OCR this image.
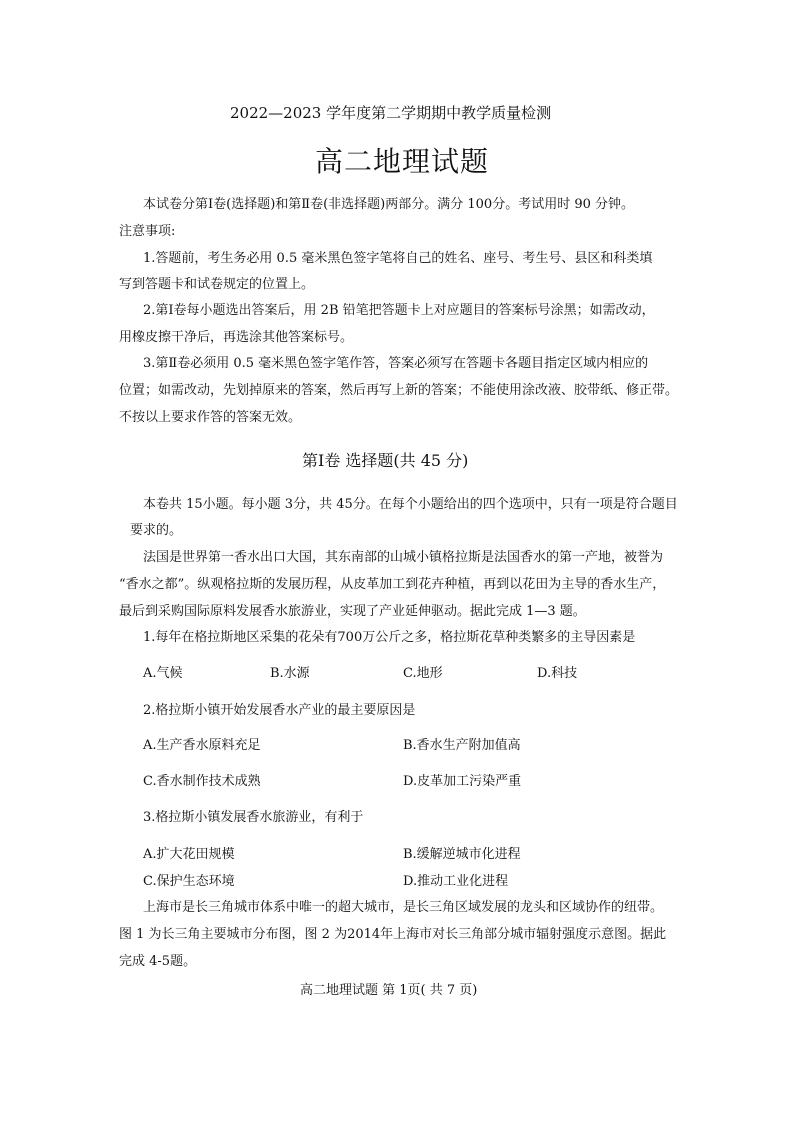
2022—2023 学年度第二学期期中教学质量检测
高二地理试题
本试卷分第Ⅰ卷(选择题)和第Ⅱ卷(非选择题)两部分。满分 100分。考试用时 90 分钟。
注意事项:
1.答题前，考生务必用 0.5 毫米黑色签字笔将自己的姓名、座号、考生号、县区和科类填
写到答题卡和试卷规定的位置上。
2.第Ⅰ卷每小题选出答案后，用 2B 铅笔把答题卡上对应题目的答案标号涂黑；如需改动，
用橡皮擦干净后，再选涂其他答案标号。
3.第Ⅱ卷必须用 0.5 毫米黑色签字笔作答，答案必须写在答题卡各题目指定区域内相应的
位置；如需改动，先划掉原来的答案，然后再写上新的答案；不能使用涂改液、胶带纸、修正带。
不按以上要求作答的答案无效。
第Ⅰ卷 选择题(共 45 分)
本卷共 15小题。每小题 3分，共 45分。在每个小题给出的四个选项中，只有一项是符合题目
要求的。
法国是世界第一香水出口大国，其东南部的山城小镇格拉斯是法国香水的第一产地，被誉为
“香水之都”。纵观格拉斯的发展历程，从皮革加工到花卉种植，再到以花田为主导的香水生产，
最后到采购国际原料发展香水旅游业，实现了产业延伸驱动。据此完成 1—3 题。
1.每年在格拉斯地区采集的花朵有700万公斤之多，格拉斯花草种类繁多的主导因素是
A.气候	B.水源	C.地形	D.科技
2.格拉斯小镇开始发展香水产业的最主要原因是
A.生产香水原料充足	B.香水生产附加值高
C.香水制作技术成熟	D.皮革加工污染严重
3.格拉斯小镇发展香水旅游业，有利于
A.扩大花田规模	B.缓解逆城市化进程
C.保护生态环境	D.推动工业化进程
上海市是长三角城市体系中唯一的超大城市，是长三角区域发展的龙头和区域协作的纽带。
图 1 为长三角主要城市分布图，图 2 为2014年上海市对长三角部分城市辐射强度示意图。据此
完成 4-5题。
高二地理试题 第 1页( 共 7 页)
